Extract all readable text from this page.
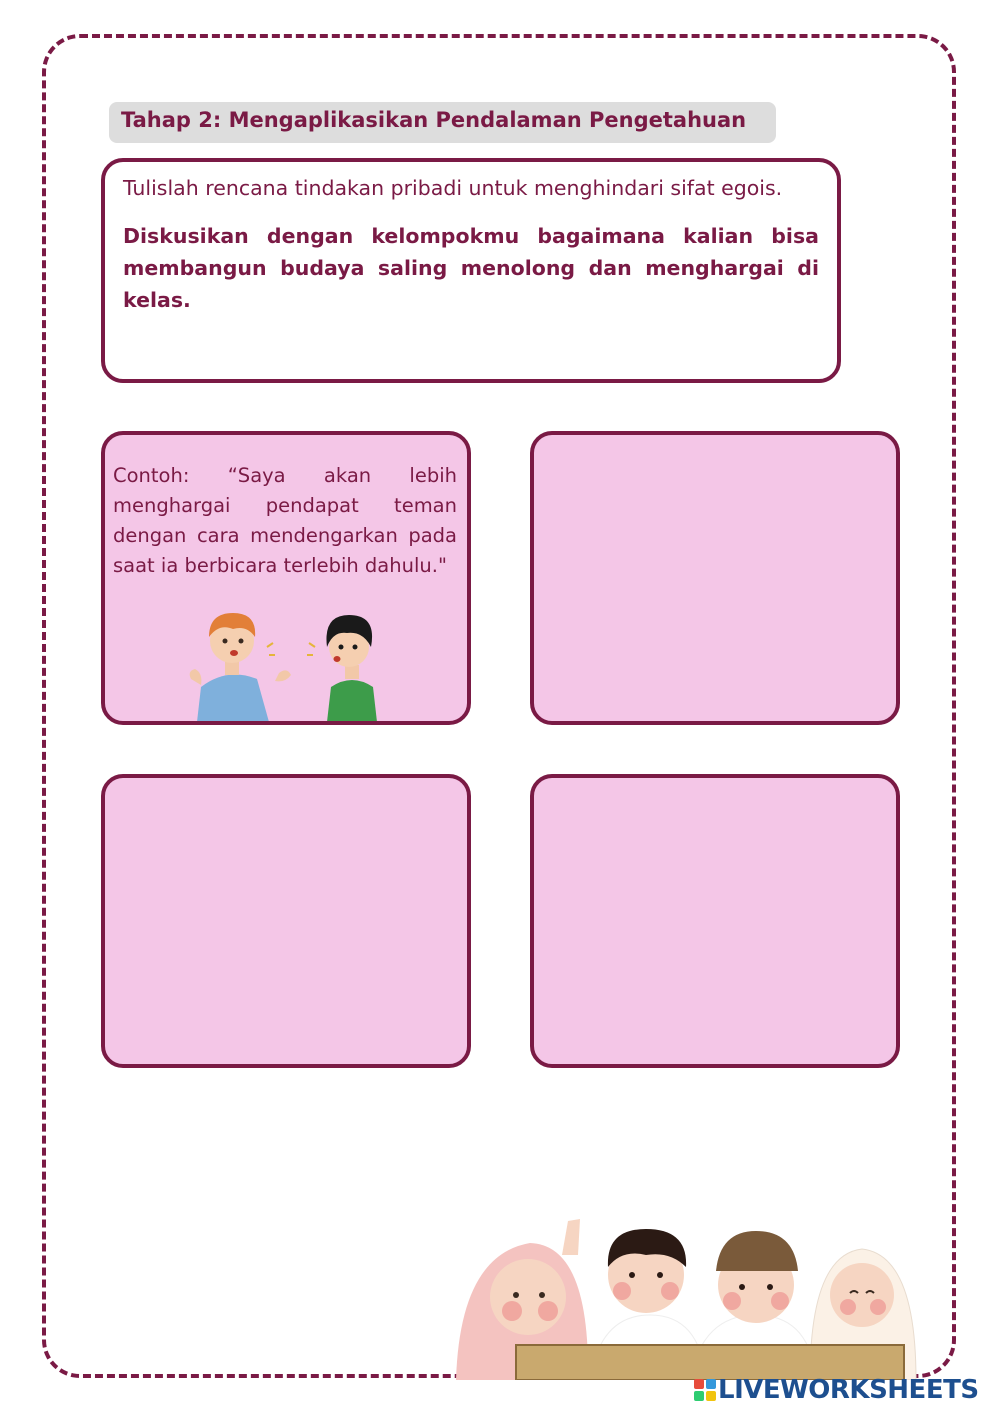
Tahap 2: Mengaplikasikan Pendalaman Pengetahuan

Tulislah rencana tindakan pribadi untuk menghindari sifat egois.

Diskusikan dengan kelompokmu bagaimana kalian bisa membangun budaya saling menolong dan menghargai di kelas.

Contoh: “Saya akan lebih menghargai pendapat teman dengan cara mendengarkan pada saat ia berbicara terlebih dahulu."

LIVEWORKSHEETS
